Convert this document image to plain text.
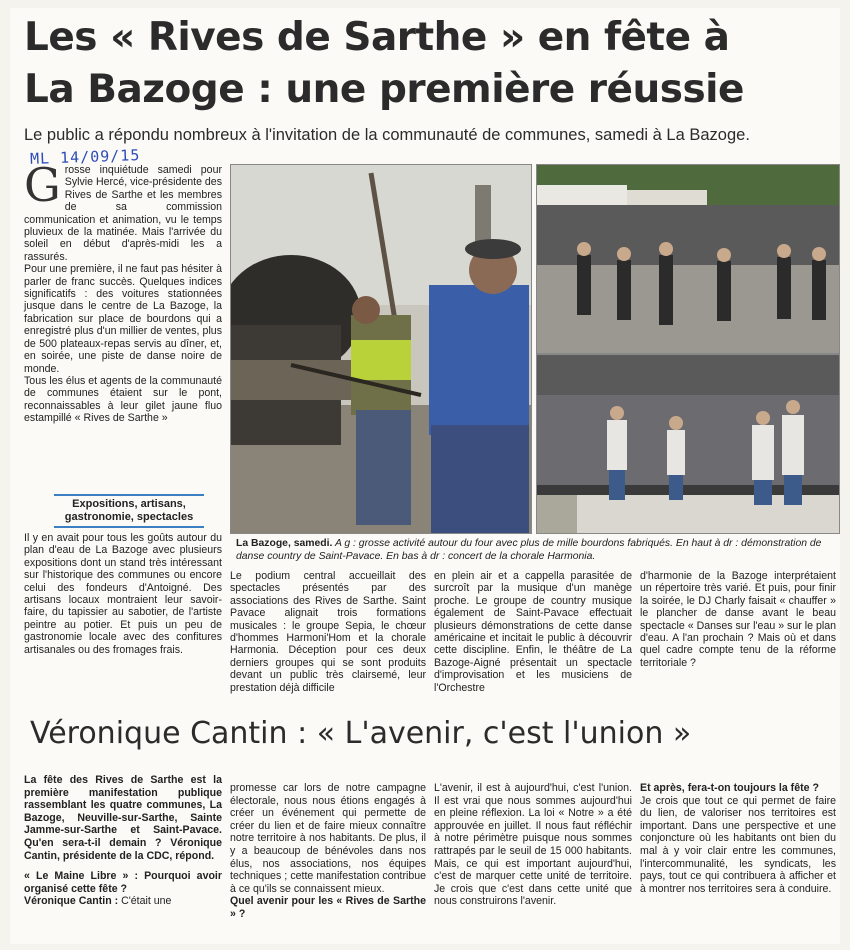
Les « Rives de Sarthe » en fête à
La Bazoge : une première réussie
Le public a répondu nombreux à l'invitation de la communauté de communes, samedi à La Bazoge.
ML 14/09/15
G rosse inquiétude samedi pour Sylvie Hercé, vice-présidente des Rives de Sarthe et les membres de sa commission communication et animation, vu le temps pluvieux de la matinée. Mais l'arrivée du soleil en début d'après-midi les a rassurés.

Pour une première, il ne faut pas hésiter à parler de franc succès. Quelques indices significatifs : des voitures stationnées jusque dans le centre de La Bazoge, la fabrication sur place de bourdons qui a enregistré plus d'un millier de ventes, plus de 500 plateaux-repas servis au dîner, et, en soirée, une piste de danse noire de monde.

Tous les élus et agents de la communauté de communes étaient sur le pont, reconnaissables à leur gilet jaune fluo estampillé « Rives de Sarthe »

Expositions, artisans, gastronomie, spectacles

Il y en avait pour tous les goûts autour du plan d'eau de La Bazoge avec plusieurs expositions dont un stand très intéressant sur l'historique des communes ou encore celui des fondeurs d'Antoigné. Des artisans locaux montraient leur savoir-faire, du tapissier au sabotier, de l'artiste peintre au potier. Et puis un peu de gastronomie locale avec des confitures artisanales ou des fromages frais.

La Bazoge, samedi. A g : grosse activité autour du four avec plus de mille bourdons fabriqués. En haut à dr : démonstration de danse country de Saint-Pavace. En bas à dr : concert de la chorale Harmonia.

Le podium central accueillait des spectacles présentés par des associations des Rives de Sarthe. Saint Pavace alignait trois formations musicales : le groupe Sepia, le chœur d'hommes Harmoni'Hom et la chorale Harmonia. Déception pour ces deux derniers groupes qui se sont produits devant un public très clairsemé, leur prestation déjà difficile

en plein air et a cappella parasitée de surcroît par la musique d'un manège proche. Le groupe de country musique également de Saint-Pavace effectuait plusieurs démonstrations de cette danse américaine et incitait le public à découvrir cette discipline. Enfin, le théâtre de La Bazoge-Aigné présentait un spectacle d'improvisation et les musiciens de l'Orchestre

d'harmonie de la Bazoge interprétaient un répertoire très varié. Et puis, pour finir la soirée, le DJ Charly faisait « chauffer » le plancher de danse avant le beau spectacle « Danses sur l'eau » sur le plan d'eau. A l'an prochain ? Mais où et dans quel cadre compte tenu de la réforme territoriale ?

Véronique Cantin : « L'avenir, c'est l'union »

La fête des Rives de Sarthe est la première manifestation publique rassemblant les quatre communes, La Bazoge, Neuville-sur-Sarthe, Sainte Jamme-sur-Sarthe et Saint-Pavace. Qu'en sera-t-il demain ? Véronique Cantin, présidente de la CDC, répond.

« Le Maine Libre » : Pourquoi avoir organisé cette fête ?

Véronique Cantin : C'était une

promesse car lors de notre campagne électorale, nous nous étions engagés à créer un événement qui permette de créer du lien et de faire mieux connaître notre territoire à nos habitants. De plus, il y a beaucoup de bénévoles dans nos élus, nos associations, nos équipes techniques ; cette manifestation contribue à ce qu'ils se connaissent mieux.

Quel avenir pour les « Rives de Sarthe » ?

L'avenir, il est à aujourd'hui, c'est l'union. Il est vrai que nous sommes aujourd'hui en pleine réflexion. La loi « Notre » a été approuvée en juillet. Il nous faut réfléchir à notre périmètre puisque nous sommes rattrapés par le seuil de 15 000 habitants. Mais, ce qui est important aujourd'hui, c'est de marquer cette unité de territoire. Je crois que c'est dans cette unité que nous construirons l'avenir.

Et après, fera-t-on toujours la fête ?

Je crois que tout ce qui permet de faire du lien, de valoriser nos territoires est important. Dans une perspective et une conjoncture où les habitants ont bien du mal à y voir clair entre les communes, l'intercommunalité, les syndicats, les pays, tout ce qui contribuera à afficher et à montrer nos territoires sera à conduire.
